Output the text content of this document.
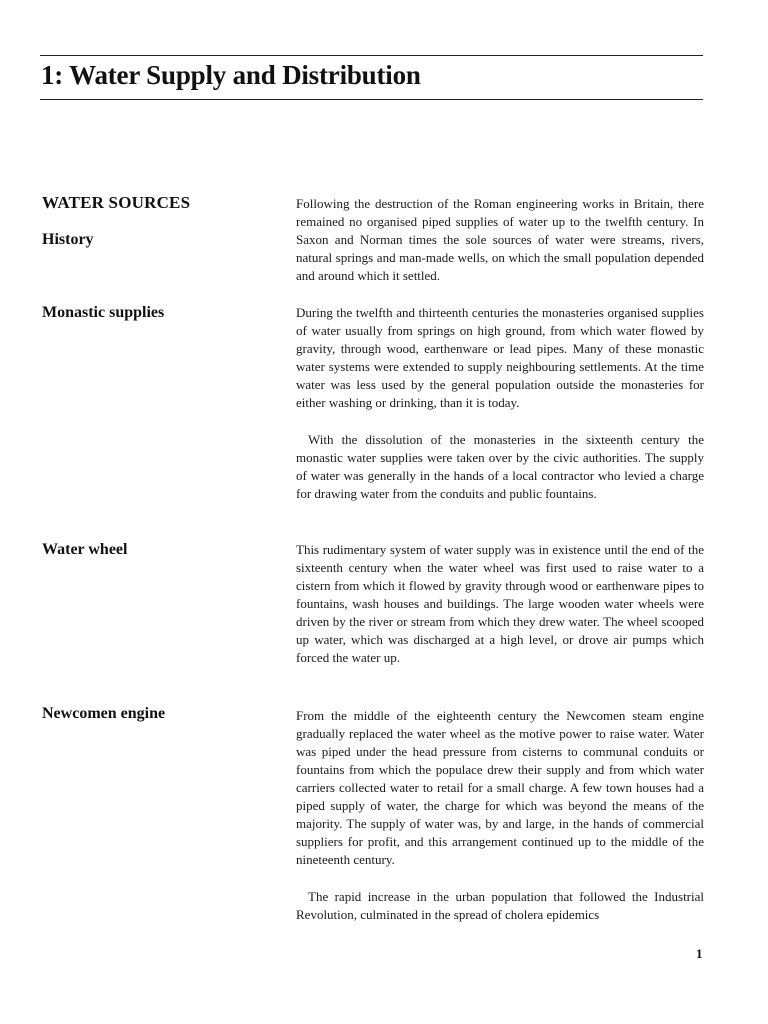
1: Water Supply and Distribution
WATER SOURCES
History
Monastic supplies
Water wheel
Newcomen engine

Following the destruction of the Roman engineering works in Britain, there remained no organised piped supplies of water up to the twelfth century. In Saxon and Norman times the sole sources of water were streams, rivers, natural springs and man-made wells, on which the small population depended and around which it settled.

During the twelfth and thirteenth centuries the monasteries organised supplies of water usually from springs on high ground, from which water flowed by gravity, through wood, earthenware or lead pipes. Many of these monastic water systems were extended to supply neighbouring settlements. At the time water was less used by the general population outside the monasteries for either washing or drinking, than it is today.

With the dissolution of the monasteries in the sixteenth century the monastic water supplies were taken over by the civic authorities. The supply of water was generally in the hands of a local contractor who levied a charge for drawing water from the conduits and public fountains.

This rudimentary system of water supply was in existence until the end of the sixteenth century when the water wheel was first used to raise water to a cistern from which it flowed by gravity through wood or earthenware pipes to fountains, wash houses and buildings. The large wooden water wheels were driven by the river or stream from which they drew water. The wheel scooped up water, which was discharged at a high level, or drove air pumps which forced the water up.

From the middle of the eighteenth century the Newcomen steam engine gradually replaced the water wheel as the motive power to raise water. Water was piped under the head pressure from cisterns to communal conduits or fountains from which the populace drew their supply and from which water carriers collected water to retail for a small charge. A few town houses had a piped supply of water, the charge for which was beyond the means of the majority. The supply of water was, by and large, in the hands of commercial suppliers for profit, and this arrangement continued up to the middle of the nineteenth century.

The rapid increase in the urban population that followed the Industrial Revolution, culminated in the spread of cholera epidemics

1
